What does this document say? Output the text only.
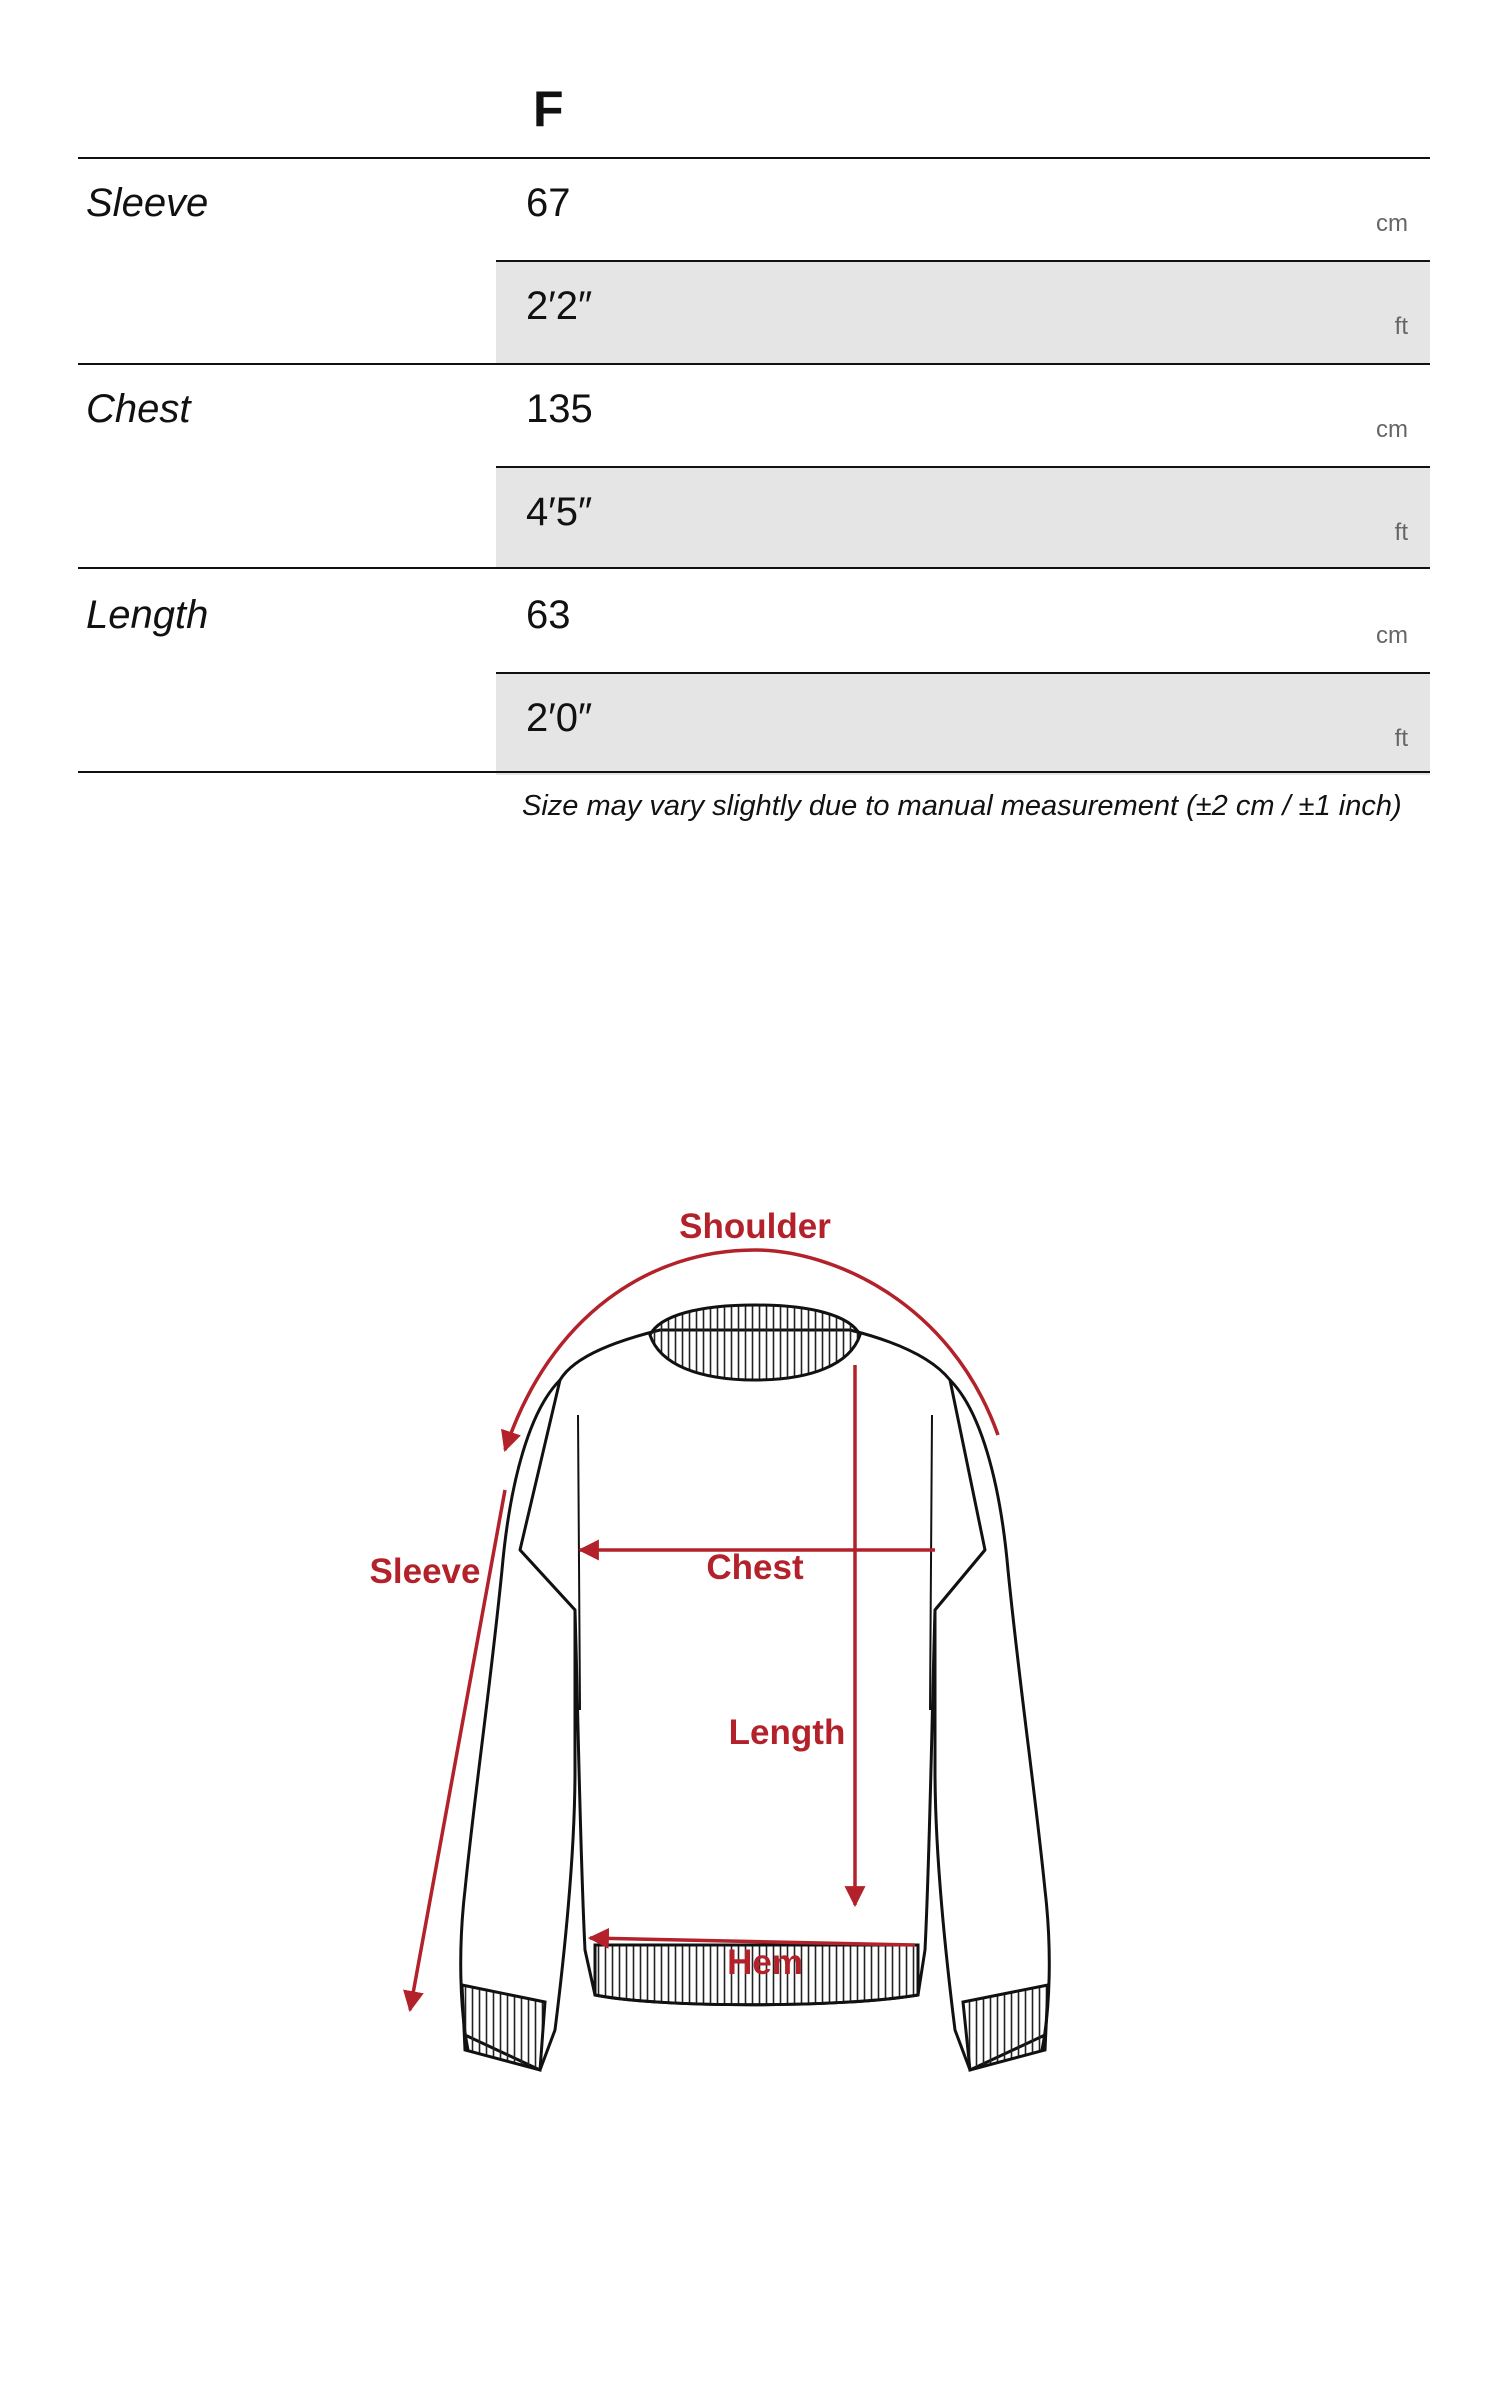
F
Sleeve	67	cm
2′2″	ft
Chest	135	cm
4′5″	ft
Length	63	cm
2′0″	ft
Size may vary slightly due to manual measurement (±2 cm / ±1 inch)
Shoulder
Sleeve	Chest
Length
Hem
